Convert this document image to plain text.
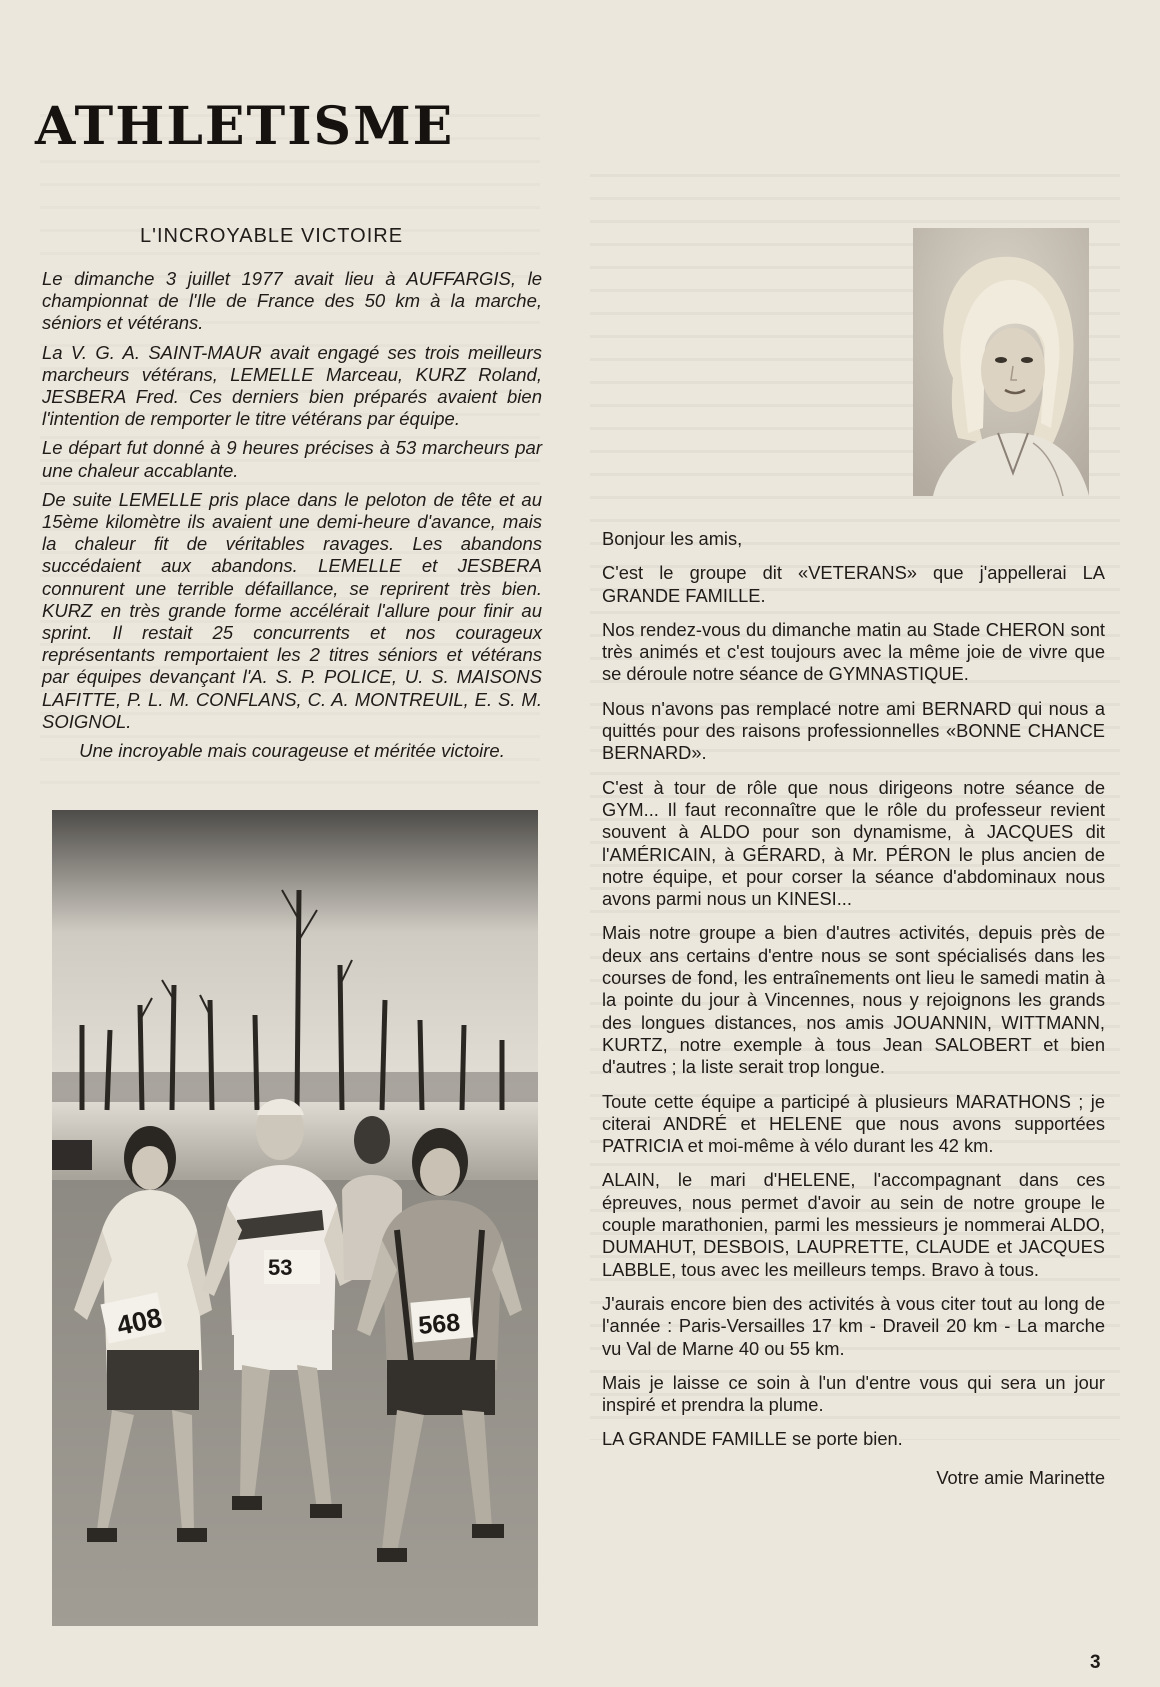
ATHLETISME
L'INCROYABLE VICTOIRE

Le dimanche 3 juillet 1977 avait lieu à AUFFARGIS, le championnat de l'Ile de France des 50 km à la marche, séniors et vétérans.

La V. G. A. SAINT-MAUR avait engagé ses trois meilleurs marcheurs vétérans, LEMELLE Marceau, KURZ Roland, JESBERA Fred. Ces derniers bien préparés avaient bien l'intention de remporter le titre vétérans par équipe.

Le départ fut donné à 9 heures précises à 53 marcheurs par une chaleur accablante.

De suite LEMELLE pris place dans le peloton de tête et au 15ème kilomètre ils avaient une demi-heure d'avance, mais la chaleur fit de véritables ravages. Les abandons succédaient aux abandons. LEMELLE et JESBERA connurent une terrible défaillance, se reprirent très bien. KURZ en très grande forme accélérait l'allure pour finir au sprint. Il restait 25 concurrents et nos courageux représentants remportaient les 2 titres séniors et vétérans par équipes devançant l'A. S. P. POLICE, U. S. MAISONS LAFITTE, P. L. M. CONFLANS, C. A. MONTREUIL, E. S. M. SOIGNOL.

Une incroyable mais courageuse et méritée victoire.

408
53
568

Bonjour les amis,

C'est le groupe dit «VETERANS» que j'appellerai LA GRANDE FAMILLE.

Nos rendez-vous du dimanche matin au Stade CHERON sont très animés et c'est toujours avec la même joie de vivre que se déroule notre séance de GYMNASTIQUE.

Nous n'avons pas remplacé notre ami BERNARD qui nous a quittés pour des raisons professionnelles «BONNE CHANCE BERNARD».

C'est à tour de rôle que nous dirigeons notre séance de GYM... Il faut reconnaître que le rôle du professeur revient souvent à ALDO pour son dynamisme, à JACQUES dit l'AMÉRICAIN, à GÉRARD, à Mr. PÉRON le plus ancien de notre équipe, et pour corser la séance d'abdominaux nous avons parmi nous un KINESI...

Mais notre groupe a bien d'autres activités, depuis près de deux ans certains d'entre nous se sont spécialisés dans les courses de fond, les entraînements ont lieu le samedi matin à la pointe du jour à Vincennes, nous y rejoignons les grands des longues distances, nos amis JOUANNIN, WITTMANN, KURTZ, notre exemple à tous Jean SALOBERT et bien d'autres ; la liste serait trop longue.

Toute cette équipe a participé à plusieurs MARATHONS ; je citerai ANDRÉ et HELENE que nous avons supportées PATRICIA et moi-même à vélo durant les 42 km.

ALAIN, le mari d'HELENE, l'accompagnant dans ces épreuves, nous permet d'avoir au sein de notre groupe le couple marathonien, parmi les messieurs je nommerai ALDO, DUMAHUT, DESBOIS, LAUPRETTE, CLAUDE et JACQUES LABBLE, tous avec les meilleurs temps. Bravo à tous.

J'aurais encore bien des activités à vous citer tout au long de l'année : Paris-Versailles 17 km - Draveil 20 km - La marche vu Val de Marne 40 ou 55 km.

Mais je laisse ce soin à l'un d'entre vous qui sera un jour inspiré et prendra la plume.

LA GRANDE FAMILLE se porte bien.

Votre amie Marinette

3
